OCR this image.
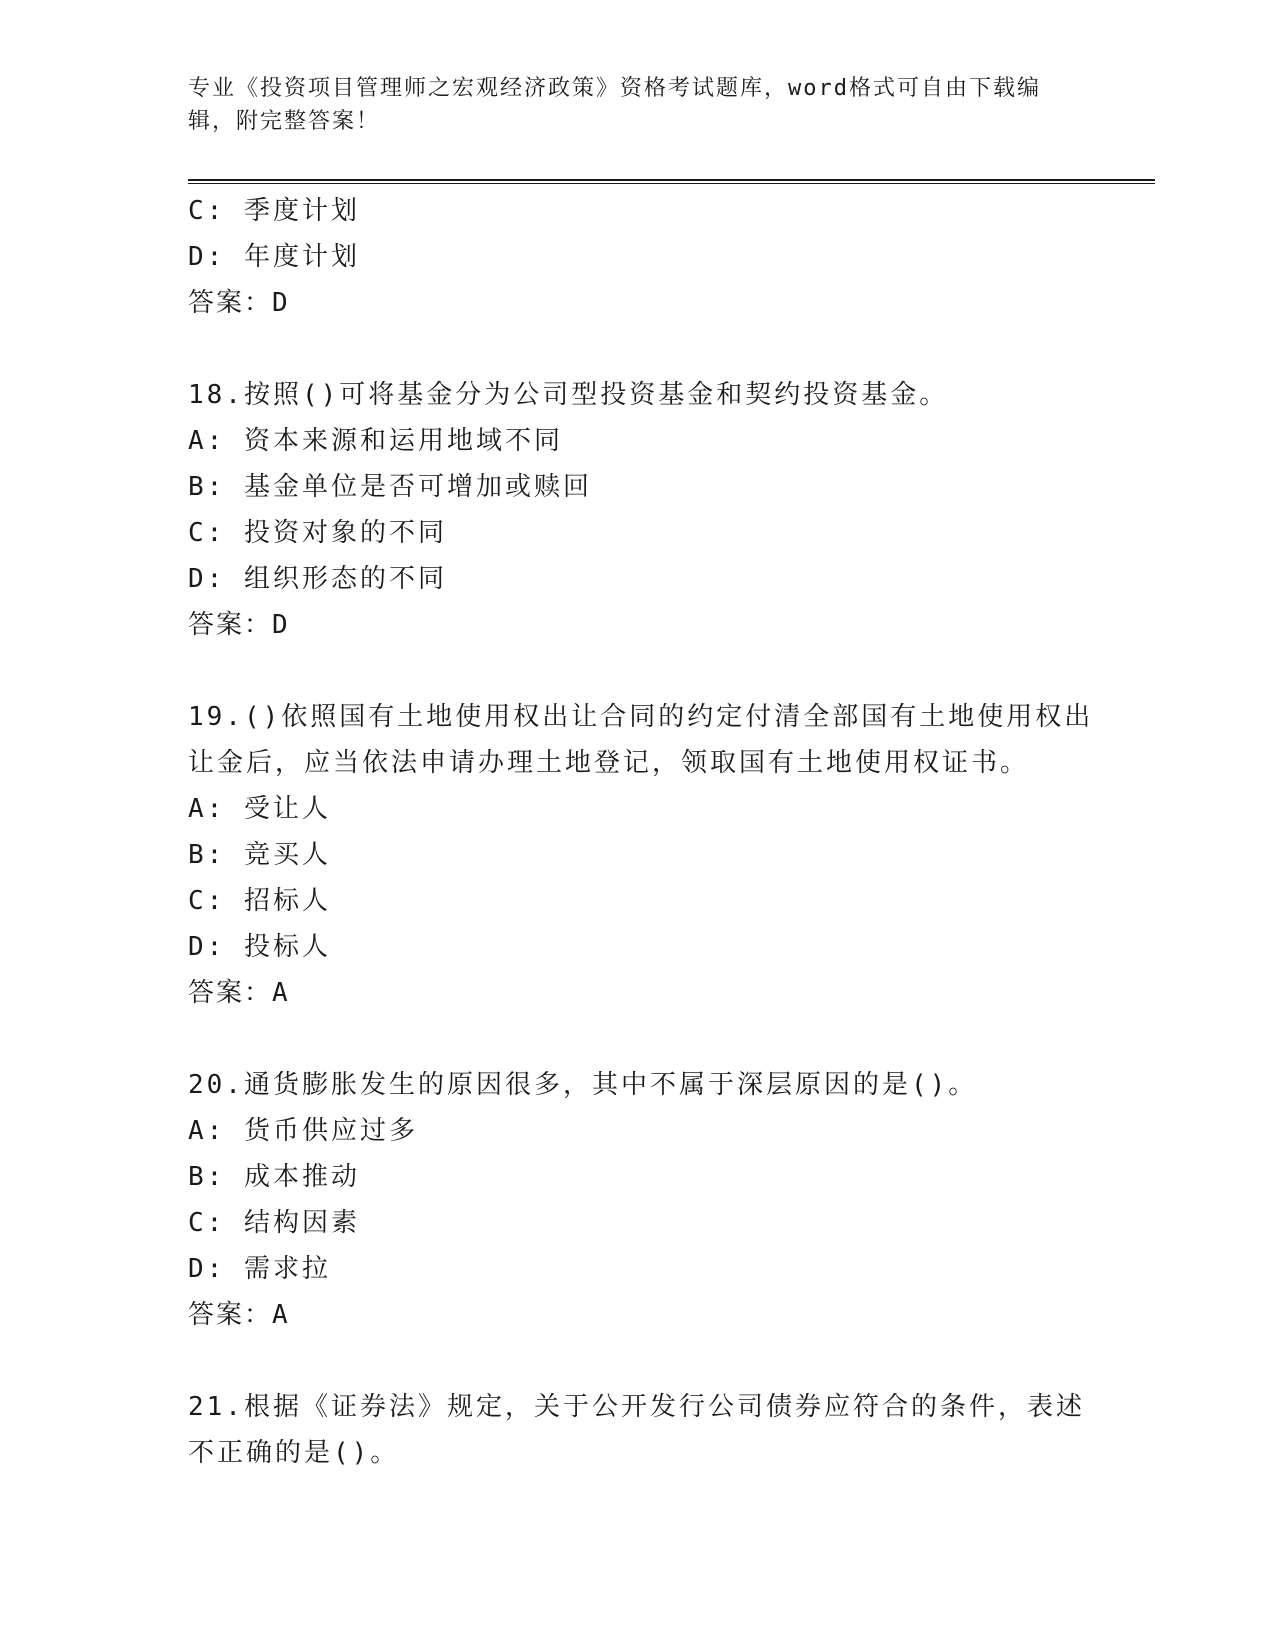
专业《投资项目管理师之宏观经济政策》资格考试题库，word格式可自由下载编
辑，附完整答案！
C: 季度计划
D: 年度计划
答案：D
18.按照()可将基金分为公司型投资基金和契约投资基金。
A: 资本来源和运用地域不同
B: 基金单位是否可增加或赎回
C: 投资对象的不同
D: 组织形态的不同
答案：D
19.()依照国有土地使用权出让合同的约定付清全部国有土地使用权出
让金后，应当依法申请办理土地登记，领取国有土地使用权证书。
A: 受让人
B: 竞买人
C: 招标人
D: 投标人
答案：A
20.通货膨胀发生的原因很多，其中不属于深层原因的是()。
A: 货币供应过多
B: 成本推动
C: 结构因素
D: 需求拉
答案：A
21.根据《证券法》规定，关于公开发行公司债券应符合的条件，表述
不正确的是()。
